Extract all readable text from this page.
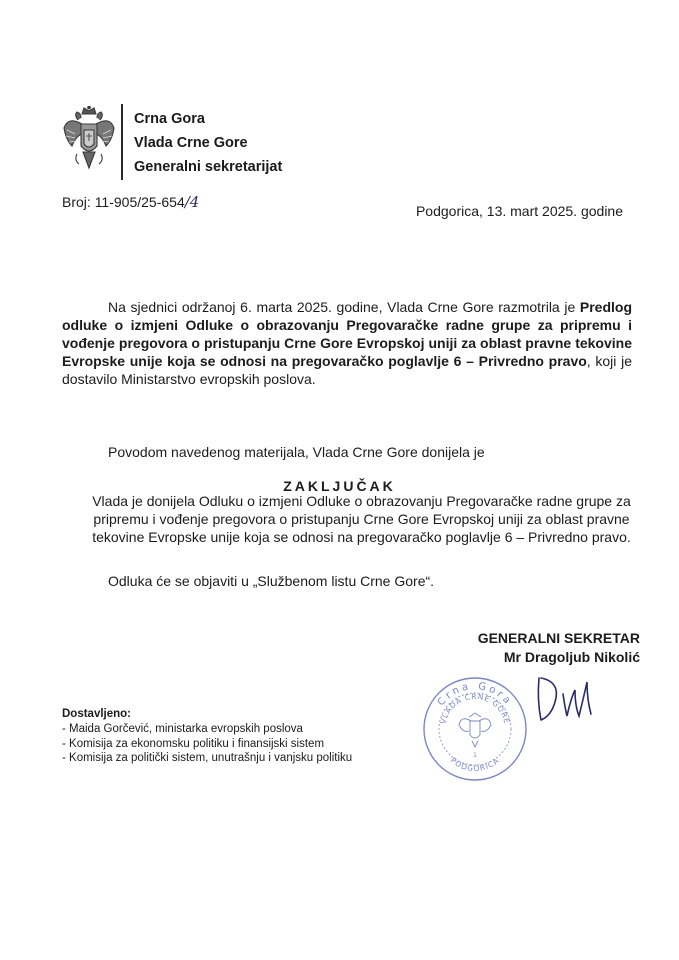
Crna Gora
Vlada Crne Gore
Generalni sekretarijat
Broj: 11-905/25-654/4	Podgorica, 13. mart 2025. godine
Na sjednici održanoj 6. marta 2025. godine, Vlada Crne Gore razmotrila je Predlog odluke o izmjeni Odluke o obrazovanju Pregovaračke radne grupe za pripremu i vođenje pregovora o pristupanju Crne Gore Evropskoj uniji za oblast pravne tekovine Evropske unije koja se odnosi na pregovaračko poglavlje 6 – Privredno pravo, koji je dostavilo Ministarstvo evropskih poslova.
Povodom navedenog materijala, Vlada Crne Gore donijela je
ZAKLJUČAK
Vlada je donijela Odluku o izmjeni Odluke o obrazovanju Pregovaračke radne grupe za pripremu i vođenje pregovora o pristupanju Crne Gore Evropskoj uniji za oblast pravne tekovine Evropske unije koja se odnosi na pregovaračko poglavlje 6 – Privredno pravo.
Odluka će se objaviti u „Službenom listu Crne Gore“.
GENERALNI SEKRETAR
Mr Dragoljub Nikolić
Crna Gora
VLADA CRNE GORE
PODGORICA
1
Dostavljeno:
- Maida Gorčević, ministarka evropskih poslova
- Komisija za ekonomsku politiku i finansijski sistem
- Komisija za politički sistem, unutrašnju i vanjsku politiku
